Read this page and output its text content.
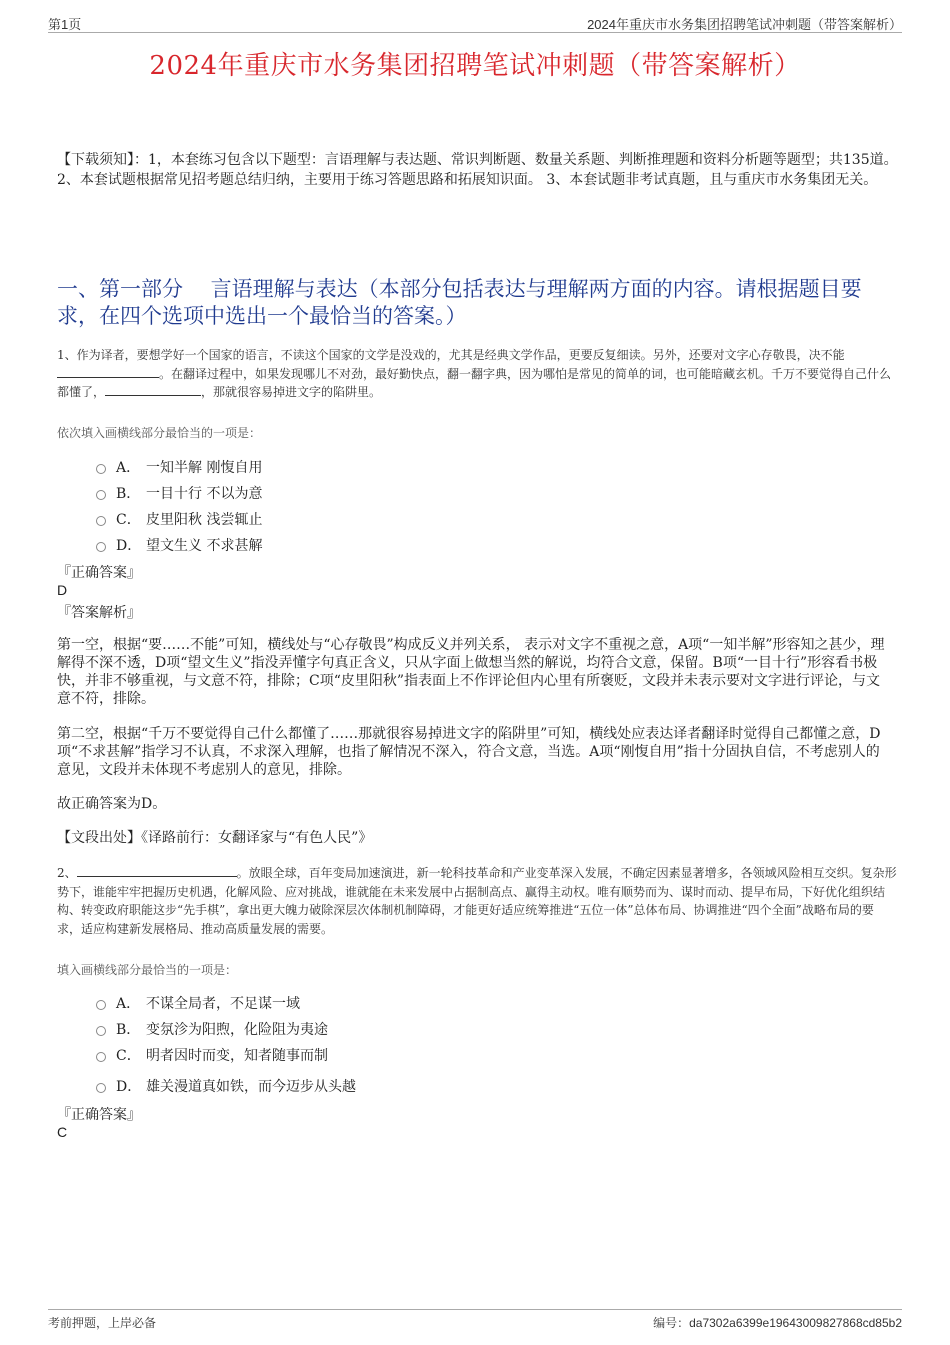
第1页	2024年重庆市水务集团招聘笔试冲刺题（带答案解析）
2024年重庆市水务集团招聘笔试冲刺题（带答案解析）
【下载须知】：1，本套练习包含以下题型：言语理解与表达题、常识判断题、数量关系题、判断推理题和资料分析题等题型；共135道。 2、本套试题根据常见招考题总结归纳，主要用于练习答题思路和拓展知识面。 3、本套试题非考试真题，且与重庆市水务集团无关。
一、第一部分　 言语理解与表达（本部分包括表达与理解两方面的内容。请根据题目要求，在四个选项中选出一个最恰当的答案。）
1、作为译者，要想学好一个国家的语言，不读这个国家的文学是没戏的，尤其是经典文学作品，更要反复细读。另外，还要对文字心存敬畏，决不能。在翻译过程中，如果发现哪儿不对劲，最好勤快点，翻一翻字典，因为哪怕是常见的简单的词，也可能暗藏玄机。千万不要觉得自己什么都懂了，	，那就很容易掉进文字的陷阱里。
依次填入画横线部分最恰当的一项是：
A． 一知半解 刚愎自用
B． 一目十行 不以为意
C． 皮里阳秋 浅尝辄止
D． 望文生义 不求甚解
『正确答案』
D
『答案解析』
第一空，根据“要……不能”可知，横线处与“心存敬畏”构成反义并列关系， 表示对文字不重视之意，A项“一知半解”形容知之甚少，理解得不深不透，D项“望文生义”指没弄懂字句真正含义，只从字面上做想当然的解说，均符合文意，保留。B项“一目十行”形容看书极快，并非不够重视，与文意不符，排除；C项“皮里阳秋”指表面上不作评论但内心里有所褒贬，文段并未表示要对文字进行评论，与文意不符，排除。
第二空，根据“千万不要觉得自己什么都懂了……那就很容易掉进文字的陷阱里”可知，横线处应表达译者翻译时觉得自己都懂之意，D项“不求甚解”指学习不认真，不求深入理解，也指了解情况不深入，符合文意，当选。A项“刚愎自用”指十分固执自信，不考虑别人的意见，文段并未体现不考虑别人的意见，排除。
故正确答案为D。
【文段出处】《译路前行：女翻译家与“有色人民”》
2、	。放眼全球，百年变局加速演进，新一轮科技革命和产业变革深入发展，不确定因素显著增多，各领域风险相互交织。复杂形势下，谁能牢牢把握历史机遇，化解风险、应对挑战，谁就能在未来发展中占据制高点、赢得主动权。唯有顺势而为、谋时而动、提早布局，下好优化组织结构、转变政府职能这步“先手棋”，拿出更大魄力破除深层次体制机制障碍，才能更好适应统筹推进“五位一体”总体布局、协调推进“四个全面”战略布局的要求，适应构建新发展格局、推动高质量发展的需要。
填入画横线部分最恰当的一项是：
A． 不谋全局者，不足谋一域
B． 变氛沴为阳煦，化险阻为夷途
C． 明者因时而变，知者随事而制
D． 雄关漫道真如铁，而今迈步从头越
『正确答案』
C
考前押题，上岸必备	编号：da7302a6399e19643009827868cd85b2
